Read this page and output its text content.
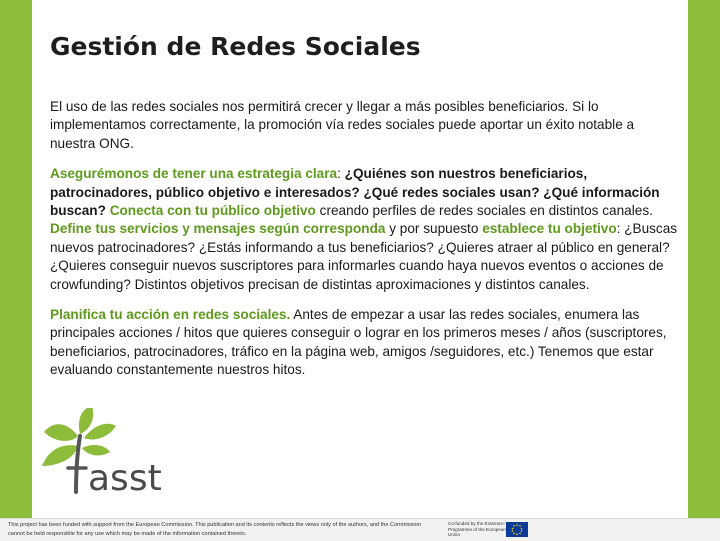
Gestión de Redes Sociales

El uso de las redes sociales nos permitirá crecer y llegar a más posibles beneficiarios. Si lo implementamos correctamente, la promoción vía redes sociales puede aportar un éxito notable a nuestra ONG.

Asegurémonos de tener una estrategia clara: ¿Quiénes son nuestros beneficiarios, patrocinadores, público objetivo e interesados? ¿Qué redes sociales usan? ¿Qué información buscan? Conecta con tu público objetivo creando perfiles de redes sociales en distintos canales. Define tus servicios y mensajes según corresponda y por supuesto establece tu objetivo: ¿Buscas nuevos patrocinadores? ¿Estás informando a tus beneficiarios? ¿Quieres atraer al público en general? ¿Quieres conseguir nuevos suscriptores para informarles cuando haya nuevos eventos o acciones de crowfunding? Distintos objetivos precisan de distintas aproximaciones y distintos canales.

Planifica tu acción en redes sociales. Antes de empezar a usar las redes sociales, enumera las principales acciones / hitos que quieres conseguir o lograr en los primeros meses / años (suscriptores, beneficiarios, patrocinadores, tráfico en la página web, amigos /seguidores, etc.) Tenemos que estar evaluando constantemente nuestros hitos.

asst
This project has been funded with support from the European Commission. This publication and its contents reflects the views only of the authors, and the Commission cannot be held responsible for any use which may be made of the information contained therein.
Co-funded by the Erasmus+ Programme of the European Union
